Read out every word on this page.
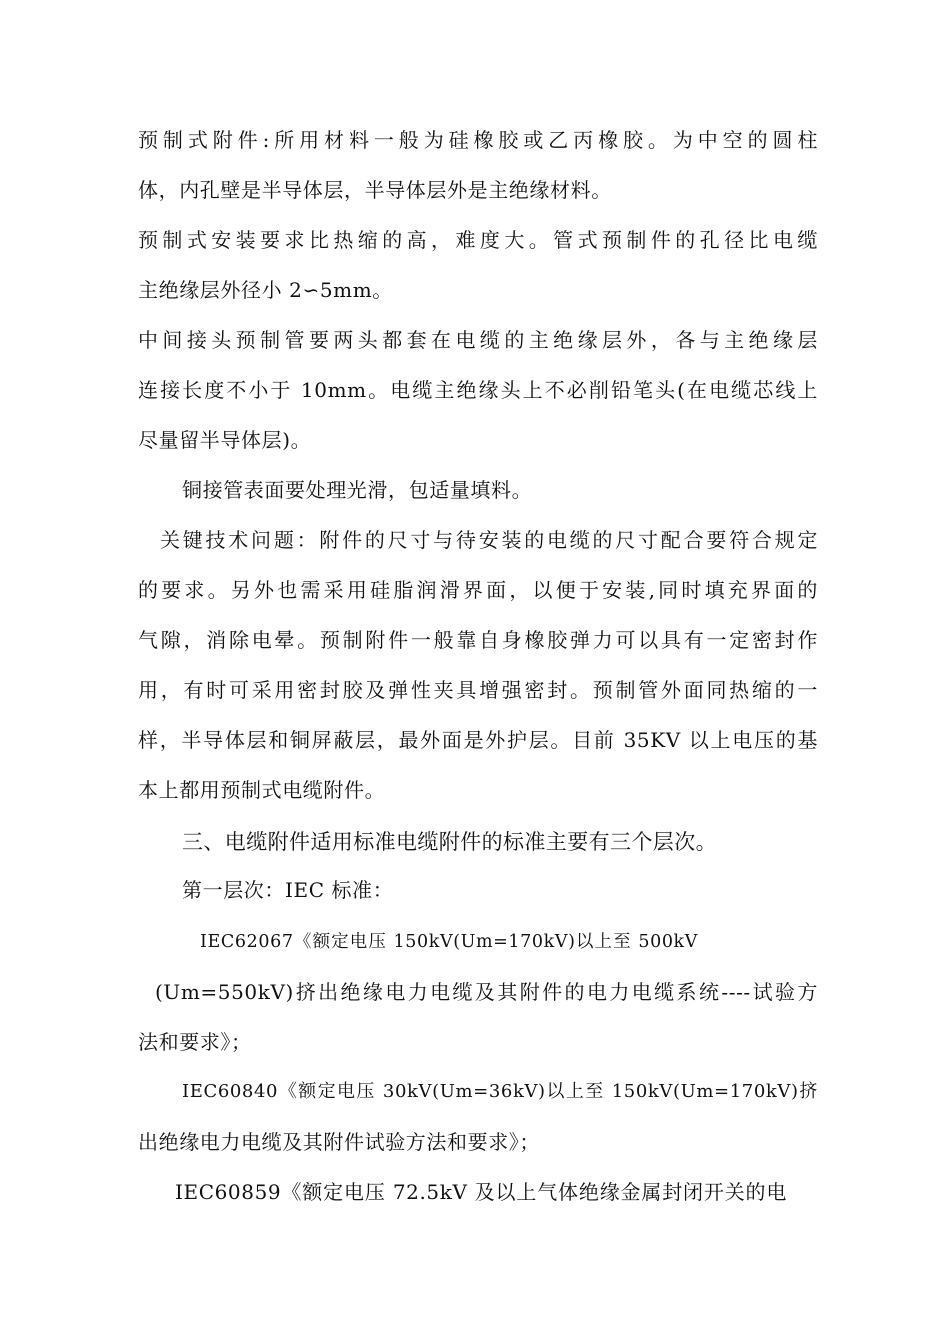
预制式附件:所用材料一般为硅橡胶或乙丙橡胶。为中空的圆柱
体，内孔壁是半导体层，半导体层外是主绝缘材料。
预制式安装要求比热缩的高，难度大。管式预制件的孔径比电缆
主绝缘层外径小 2∽5mm。
中间接头预制管要两头都套在电缆的主绝缘层外，各与主绝缘层
连接长度不小于 10mm。电缆主绝缘头上不必削铅笔头(在电缆芯线上
尽量留半导体层)。
铜接管表面要处理光滑，包适量填料。
关键技术问题：附件的尺寸与待安装的电缆的尺寸配合要符合规定
的要求。另外也需采用硅脂润滑界面，以便于安装,同时填充界面的
气隙，消除电晕。预制附件一般靠自身橡胶弹力可以具有一定密封作
用，有时可采用密封胶及弹性夹具增强密封。预制管外面同热缩的一
样，半导体层和铜屏蔽层，最外面是外护层。目前 35KV 以上电压的基
本上都用预制式电缆附件。
三、电缆附件适用标准电缆附件的标准主要有三个层次。
第一层次：IEC 标准：
IEC62067《额定电压 150kV(Um=170kV)以上至 500kV
(Um=550kV)挤出绝缘电力电缆及其附件的电力电缆系统----试验方
法和要求》；
IEC60840《额定电压 30kV(Um=36kV)以上至 150kV(Um=170kV)挤
出绝缘电力电缆及其附件试验方法和要求》；
IEC60859《额定电压 72.5kV 及以上气体绝缘金属封闭开关的电
